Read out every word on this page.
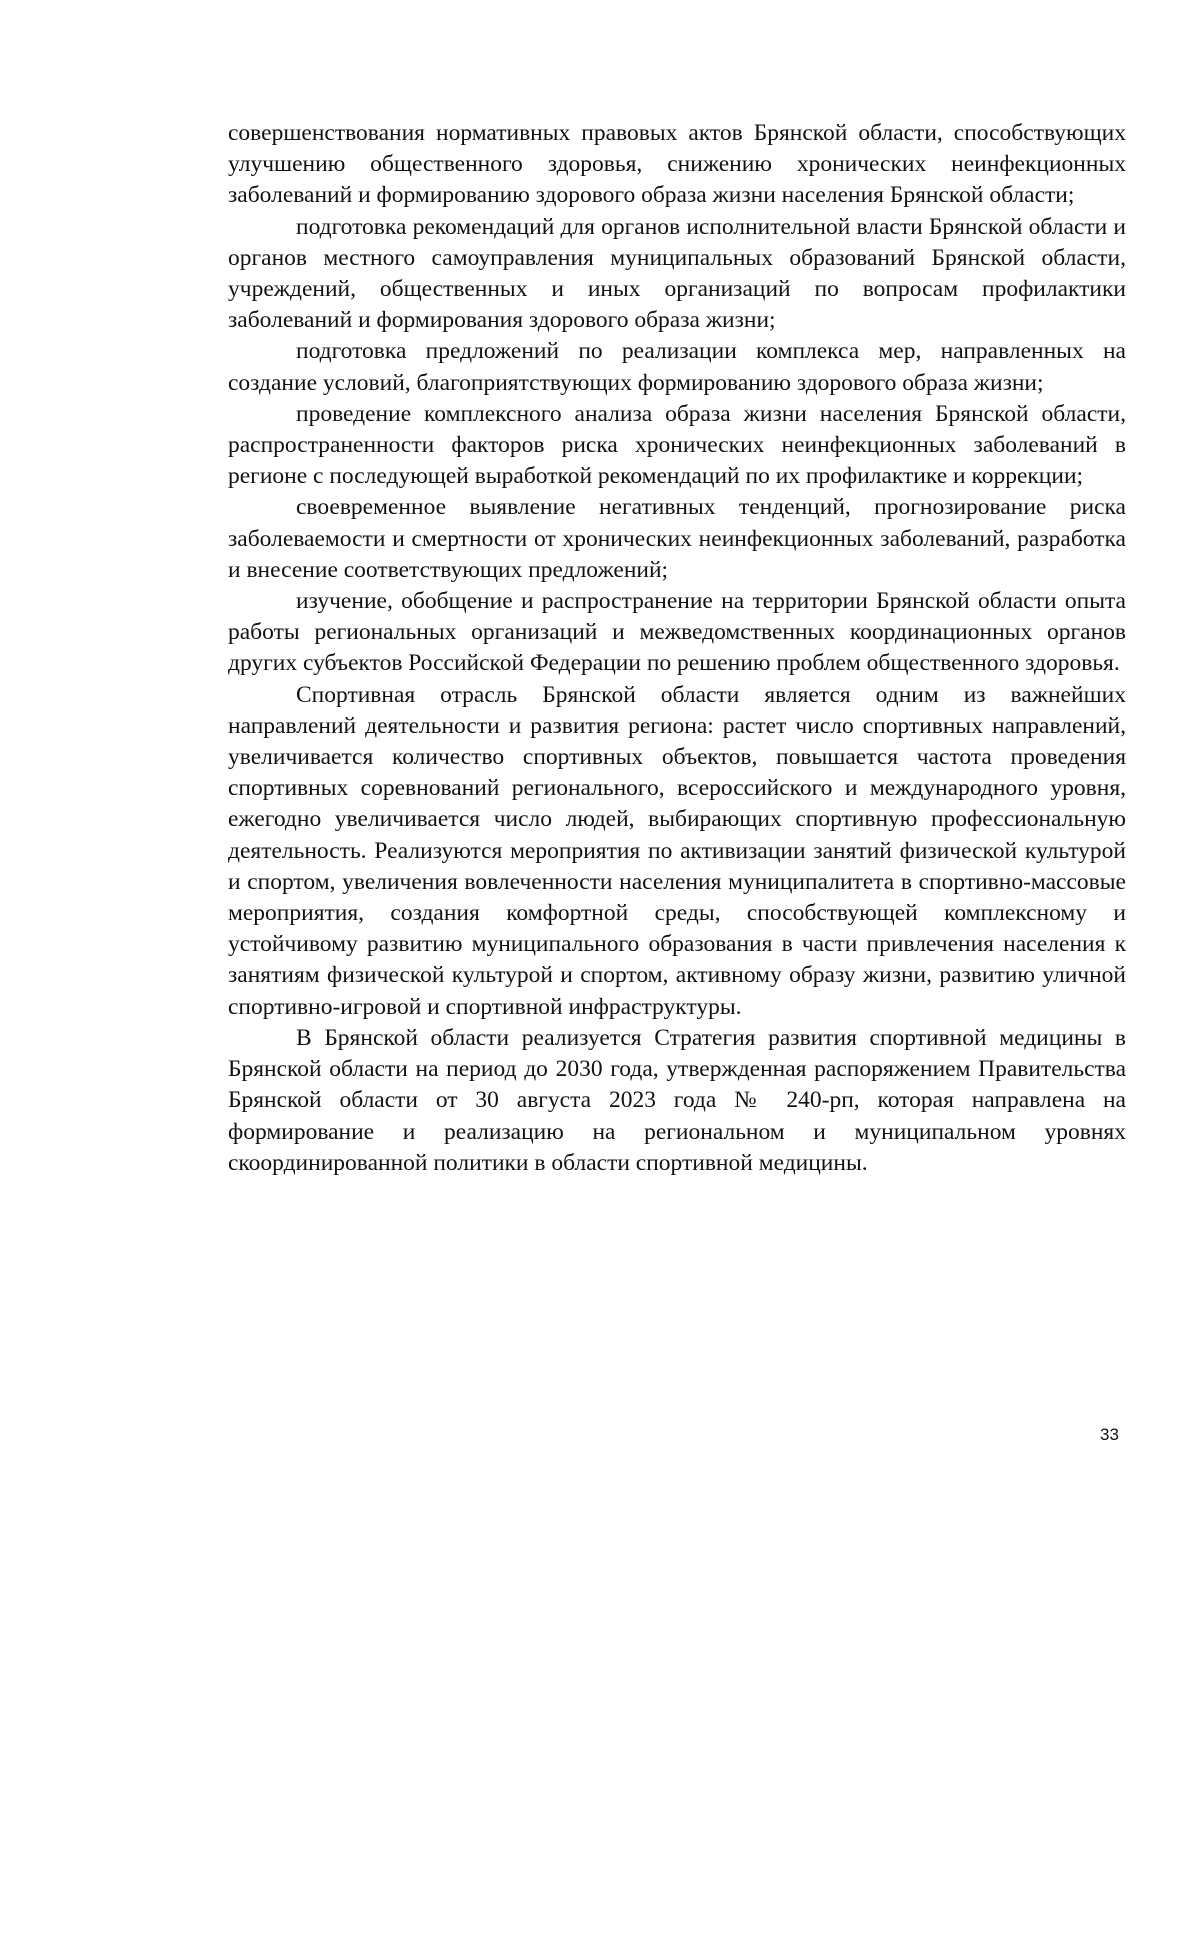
совершенствования нормативных правовых актов Брянской области, способствующих улучшению общественного здоровья, снижению хронических неинфекционных заболеваний и формированию здорового образа жизни населения Брянской области;

подготовка рекомендаций для органов исполнительной власти Брянской области и органов местного самоуправления муниципальных образований Брянской области, учреждений, общественных и иных организаций по вопросам профилактики заболеваний и формирования здорового образа жизни;

подготовка предложений по реализации комплекса мер, направленных на создание условий, благоприятствующих формированию здорового образа жизни;

проведение комплексного анализа образа жизни населения Брянской области, распространенности факторов риска хронических неинфекционных заболеваний в регионе с последующей выработкой рекомендаций по их профилактике и коррекции;

своевременное выявление негативных тенденций, прогнозирование риска заболеваемости и смертности от хронических неинфекционных заболеваний, разработка и внесение соответствующих предложений;

изучение, обобщение и распространение на территории Брянской области опыта работы региональных организаций и межведомственных координационных органов других субъектов Российской Федерации по решению проблем общественного здоровья.

Спортивная отрасль Брянской области является одним из важнейших направлений деятельности и развития региона: растет число спортивных направлений, увеличивается количество спортивных объектов, повышается частота проведения спортивных соревнований регионального, всероссийского и международного уровня, ежегодно увеличивается число людей, выбирающих спортивную профессиональную деятельность. Реализуются мероприятия по активизации занятий физической культурой и спортом, увеличения вовлеченности населения муниципалитета в спортивно-массовые мероприятия, создания комфортной среды, способствующей комплексному и устойчивому развитию муниципального образования в части привлечения населения к занятиям физической культурой и спортом, активному образу жизни, развитию уличной спортивно-игровой и спортивной инфраструктуры.

В Брянской области реализуется Стратегия развития спортивной медицины в Брянской области на период до 2030 года, утвержденная распоряжением Правительства Брянской области от 30 августа 2023 года № 240-рп, которая направлена на формирование и реализацию на региональном и муниципальном уровнях скоординированной политики в области спортивной медицины.

33
